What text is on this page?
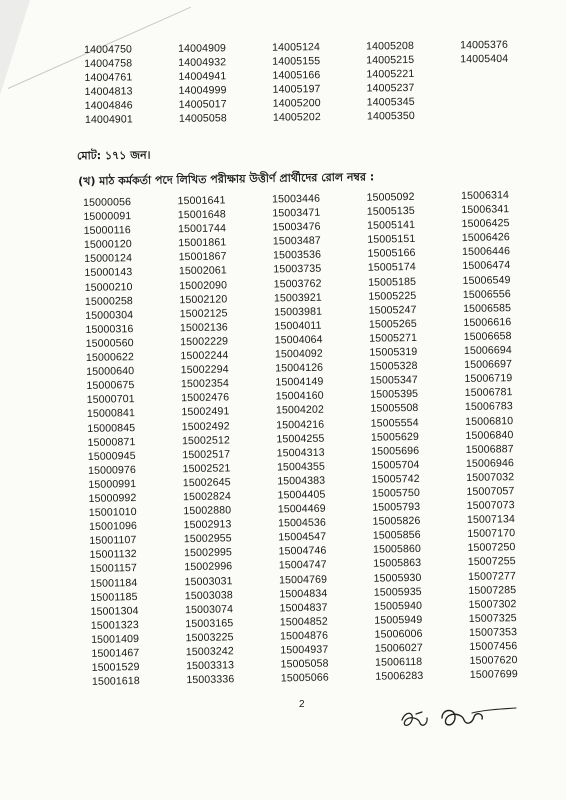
14004750
14004758
14004761
14004813
14004846
14004901
14004909
14004932
14004941
14004999
14005017
14005058
14005124
14005155
14005166
14005197
14005200
14005202
14005208
14005215
14005221
14005237
14005345
14005350
14005376
14005404
মোট: ১৭১ জন।
(খ) মাঠ কর্মকর্তা পদে লিখিত পরীক্ষায় উত্তীর্ণ প্রার্থীদের রোল নম্বর :
15000056
15000091
15000116
15000120
15000124
15000143
15000210
15000258
15000304
15000316
15000560
15000622
15000640
15000675
15000701
15000841
15000845
15000871
15000945
15000976
15000991
15000992
15001010
15001096
15001107
15001132
15001157
15001184
15001185
15001304
15001323
15001409
15001467
15001529
15001618
15001641
15001648
15001744
15001861
15001867
15002061
15002090
15002120
15002125
15002136
15002229
15002244
15002294
15002354
15002476
15002491
15002492
15002512
15002517
15002521
15002645
15002824
15002880
15002913
15002955
15002995
15002996
15003031
15003038
15003074
15003165
15003225
15003242
15003313
15003336
15003446
15003471
15003476
15003487
15003536
15003735
15003762
15003921
15003981
15004011
15004064
15004092
15004126
15004149
15004160
15004202
15004216
15004255
15004313
15004355
15004383
15004405
15004469
15004536
15004547
15004746
15004747
15004769
15004834
15004837
15004852
15004876
15004937
15005058
15005066
15005092
15005135
15005141
15005151
15005166
15005174
15005185
15005225
15005247
15005265
15005271
15005319
15005328
15005347
15005395
15005508
15005554
15005629
15005696
15005704
15005742
15005750
15005793
15005826
15005856
15005860
15005863
15005930
15005935
15005940
15005949
15006006
15006027
15006118
15006283
15006314
15006341
15006425
15006426
15006446
15006474
15006549
15006556
15006585
15006616
15006658
15006694
15006697
15006719
15006781
15006783
15006810
15006840
15006887
15006946
15007032
15007057
15007073
15007134
15007170
15007250
15007255
15007277
15007285
15007302
15007325
15007353
15007456
15007620
15007699
2
